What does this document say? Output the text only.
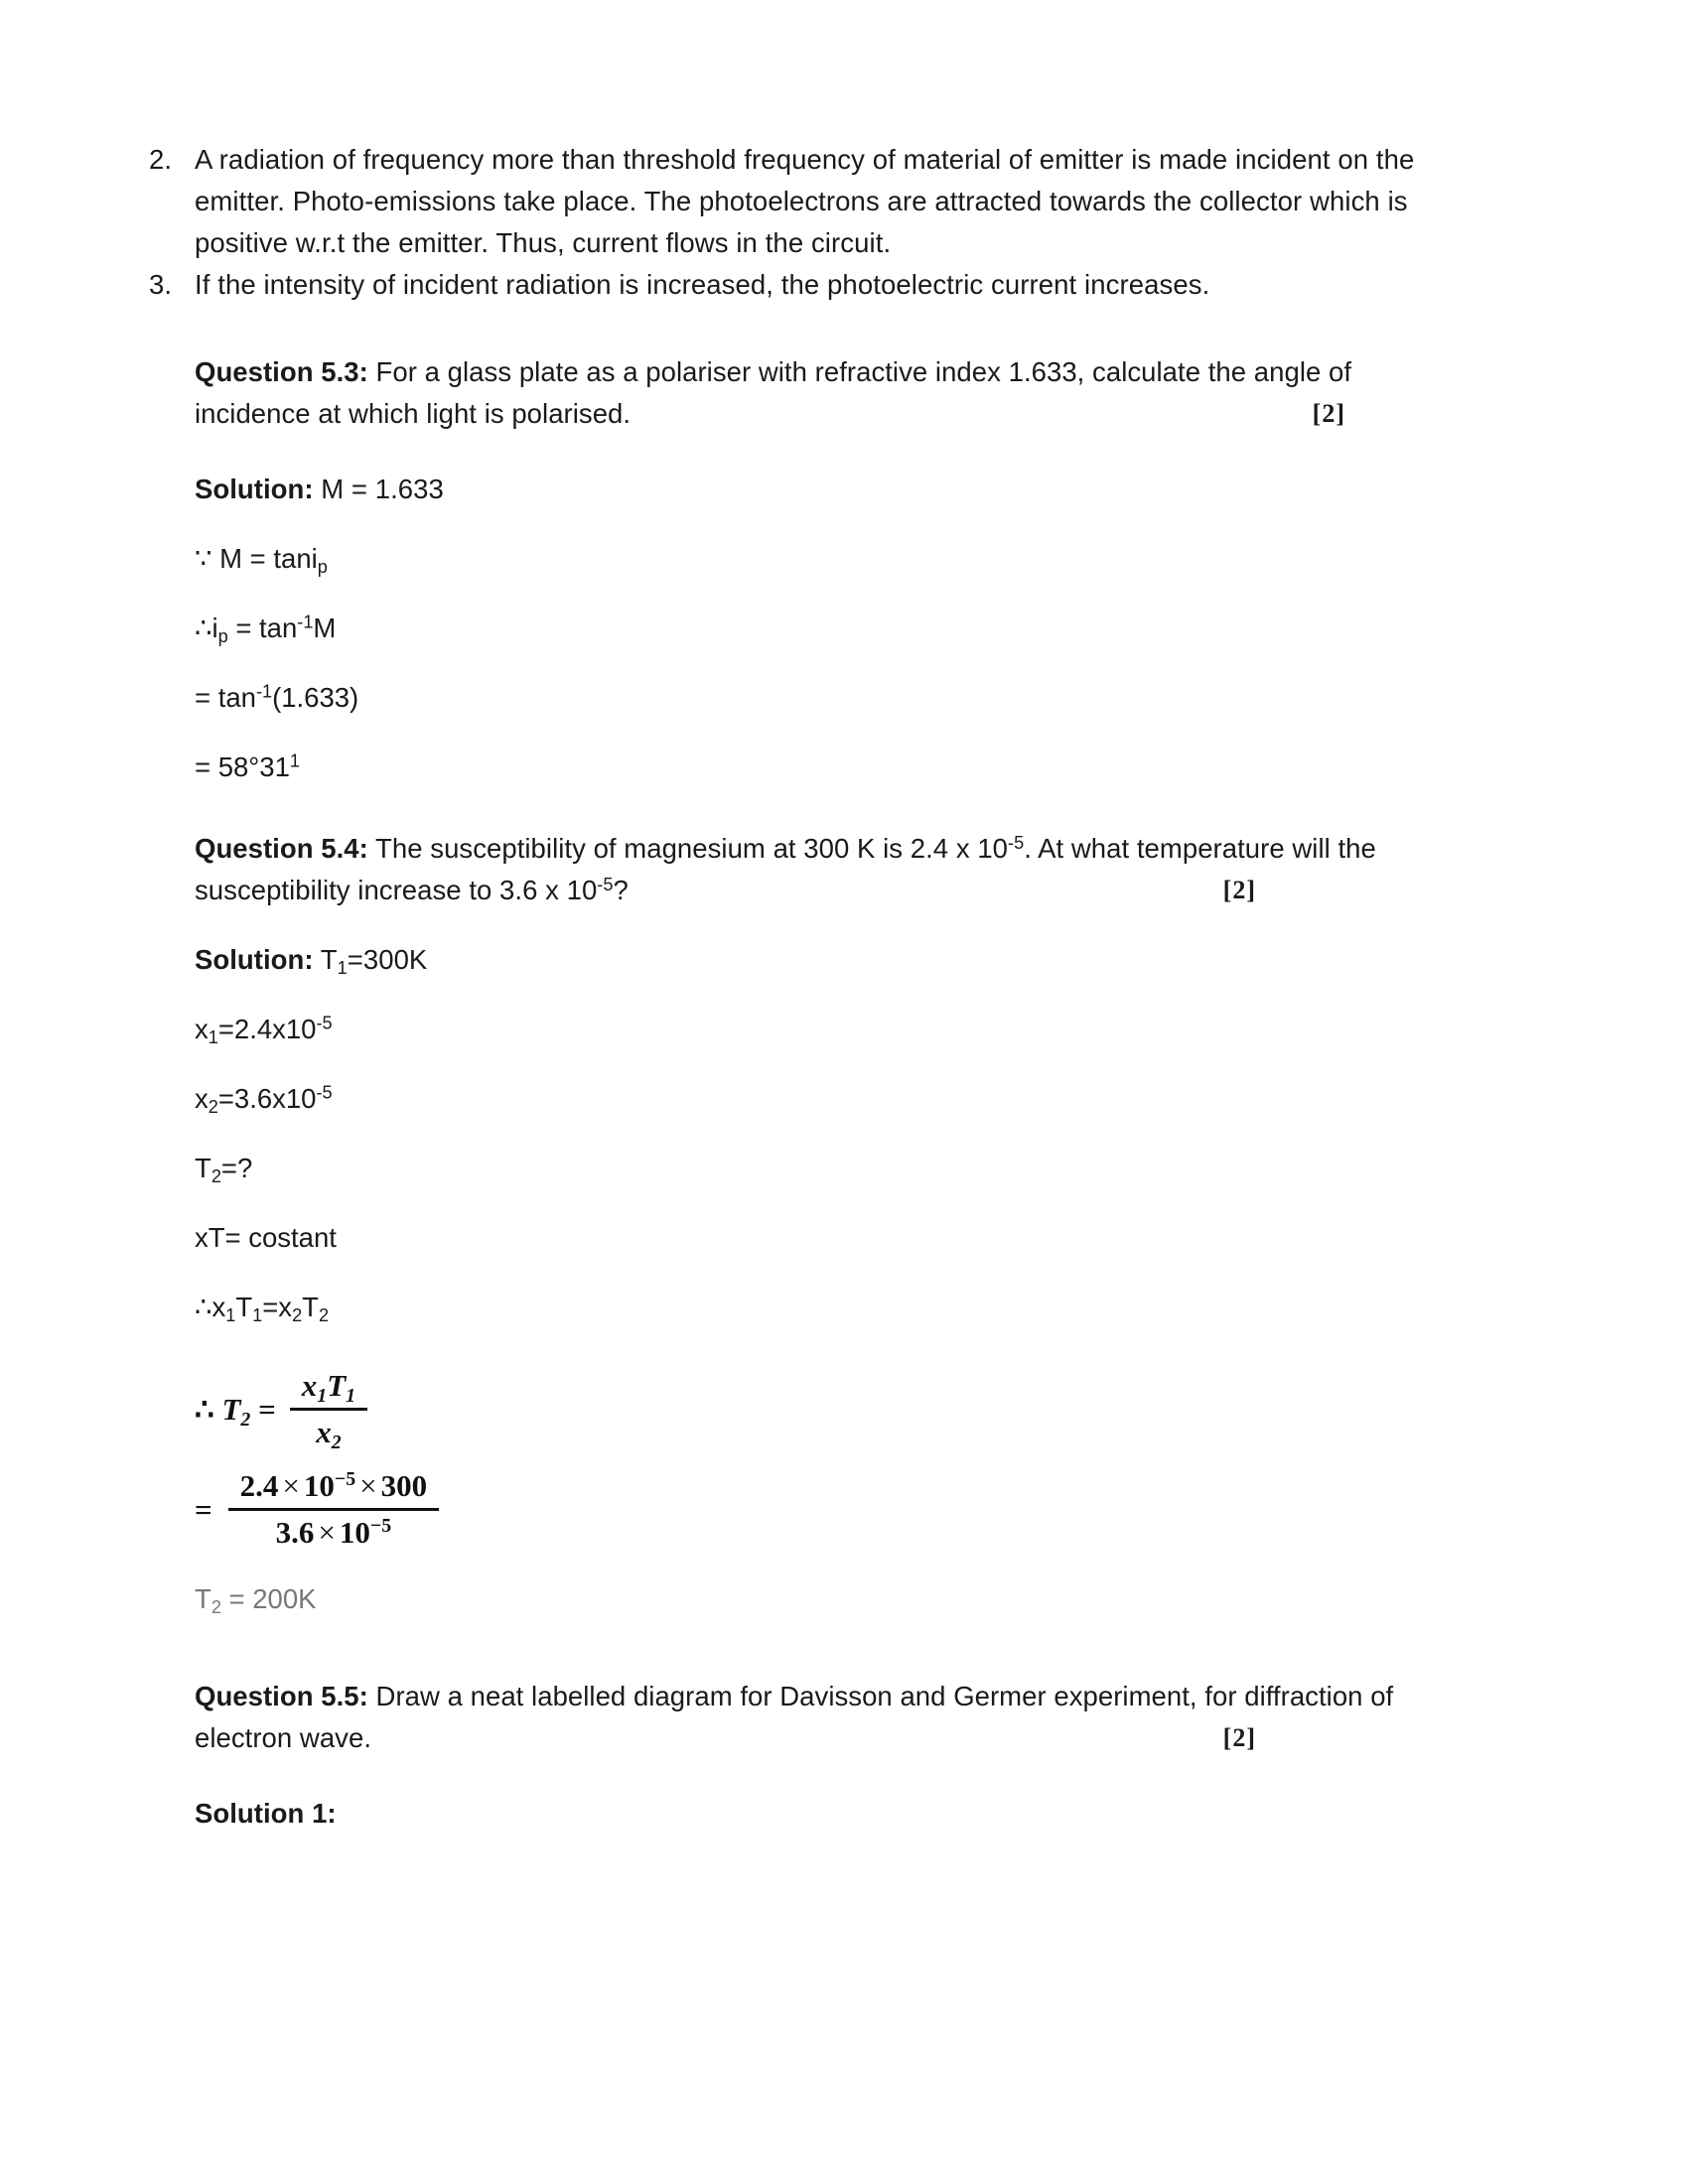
2. A radiation of frequency more than threshold frequency of material of emitter is made incident on the emitter. Photo-emissions take place. The photoelectrons are attracted towards the collector which is positive w.r.t the emitter. Thus, current flows in the circuit.
3. If the intensity of incident radiation is increased, the photoelectric current increases.
Question 5.3: For a glass plate as a polariser with refractive index 1.633, calculate the angle of incidence at which light is polarised.	[2]
Solution: M = 1.633
∵ M = tani$_p$
$\therefore i_p = \tan^{-1}M$
= $\tan^{-1}(1.633)$
= $58^\circ 31^1$
Question 5.4: The susceptibility of magnesium at 300 K is 2.4 x $10^{-5}$. At what temperature will the susceptibility increase to 3.6 x $10^{-5}$?	[2]
Solution: $T_1=300K$
$x_1=2.4x10^{-5}$
$x_2=3.6x10^{-5}$
$T_2=$?
xT= costant
$\therefore x_1T_1=x_2T_2$
∴ $T_2 = \frac{x_1T_1}{x_2}$
= $\frac{2.4 \times 10^{-5} \times 300}{3.6 \times 10^{-5}}$
$T_2 = 200K$
Question 5.5: Draw a neat labelled diagram for Davisson and Germer experiment, for diffraction of electron wave.	[2]
Solution 1:
